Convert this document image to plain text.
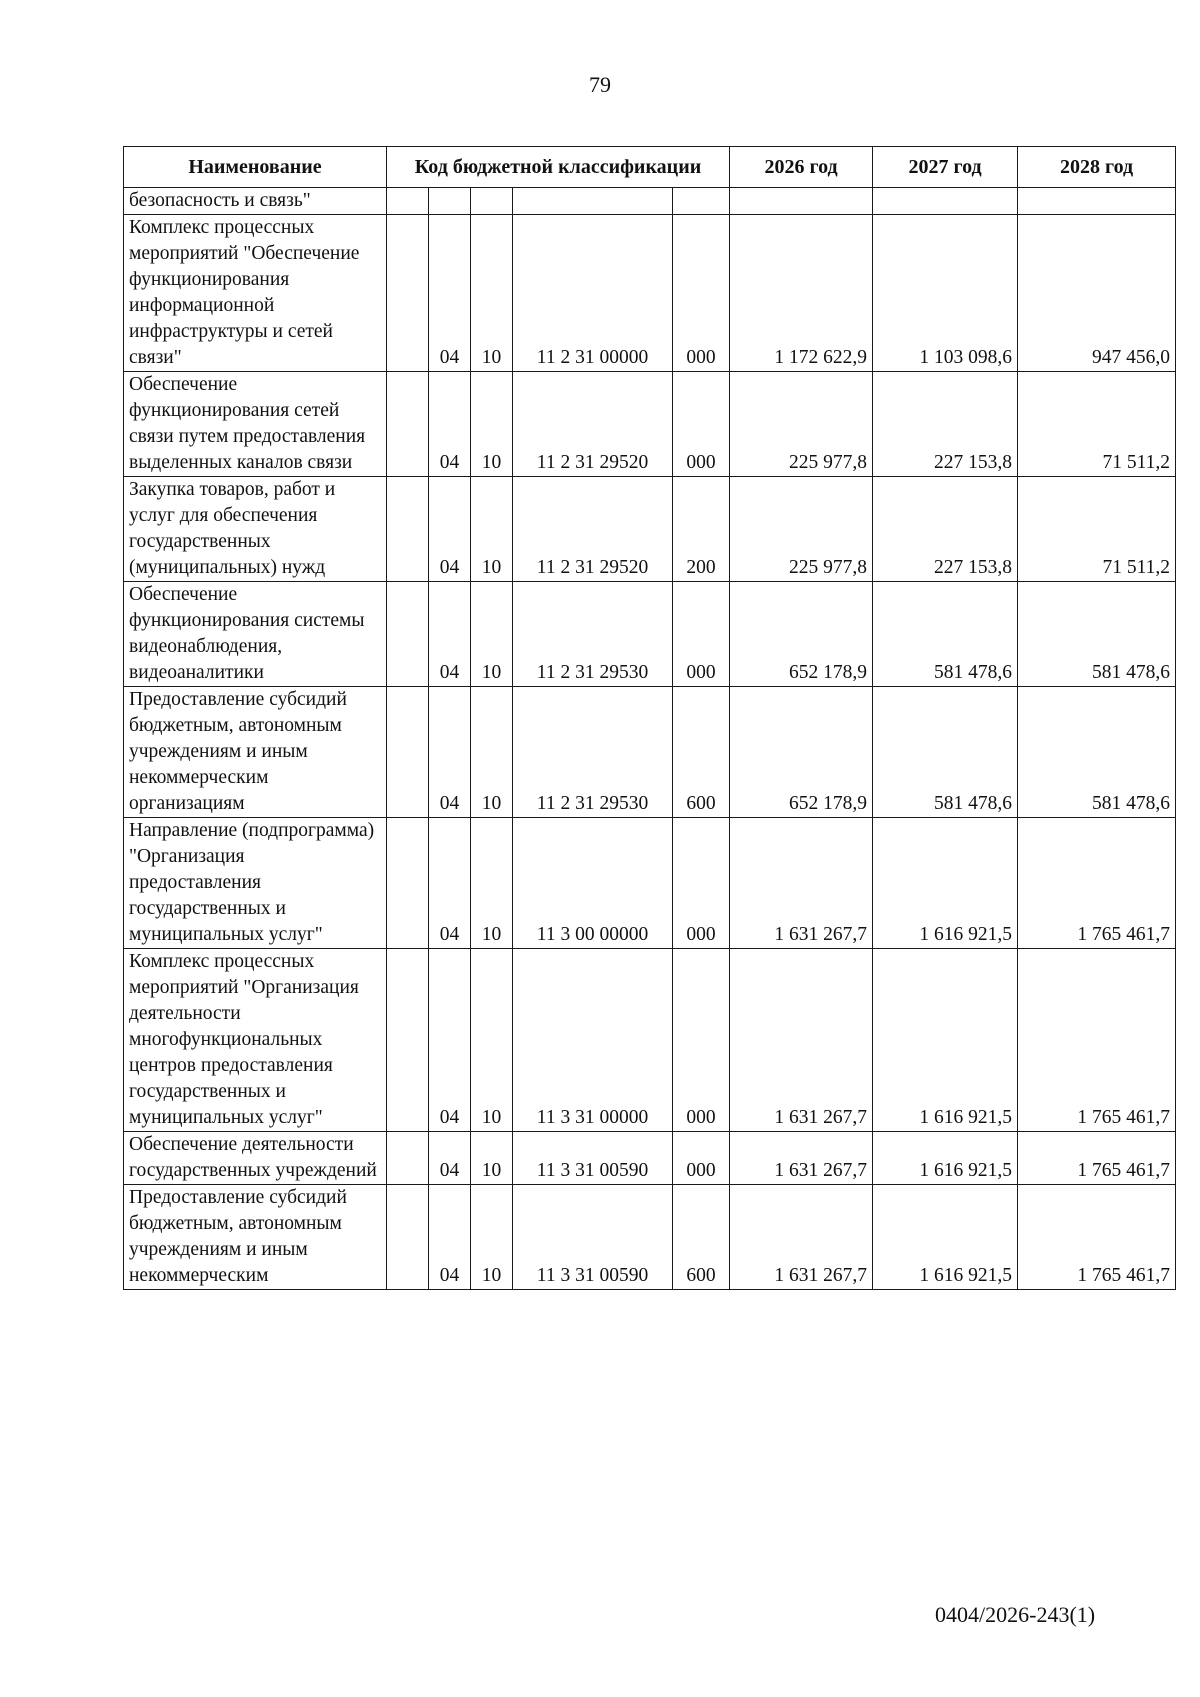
79
Наименование	Код бюджетной классификации					2026 год	2027 год	2028 год
безопасность и связь"								
Комплекс процессных мероприятий "Обеспечение функционирования информационной инфраструктуры и сетей связи"		04	10	11 2 31 00000	000	1 172 622,9	1 103 098,6	947 456,0
Обеспечение функционирования сетей связи путем предоставления выделенных каналов связи		04	10	11 2 31 29520	000	225 977,8	227 153,8	71 511,2
Закупка товаров, работ и услуг для обеспечения государственных (муниципальных) нужд		04	10	11 2 31 29520	200	225 977,8	227 153,8	71 511,2
Обеспечение функционирования системы видеонаблюдения, видеоаналитики		04	10	11 2 31 29530	000	652 178,9	581 478,6	581 478,6
Предоставление субсидий бюджетным, автономным учреждениям и иным некоммерческим организациям		04	10	11 2 31 29530	600	652 178,9	581 478,6	581 478,6
Направление (подпрограмма) "Организация предоставления государственных и муниципальных услуг"		04	10	11 3 00 00000	000	1 631 267,7	1 616 921,5	1 765 461,7
Комплекс процессных мероприятий "Организация деятельности многофункциональных центров предоставления государственных и муниципальных услуг"		04	10	11 3 31 00000	000	1 631 267,7	1 616 921,5	1 765 461,7
Обеспечение деятельности государственных учреждений		04	10	11 3 31 00590	000	1 631 267,7	1 616 921,5	1 765 461,7
Предоставление субсидий бюджетным, автономным учреждениям и иным некоммерческим		04	10	11 3 31 00590	600	1 631 267,7	1 616 921,5	1 765 461,7
0404/2026-243(1)
